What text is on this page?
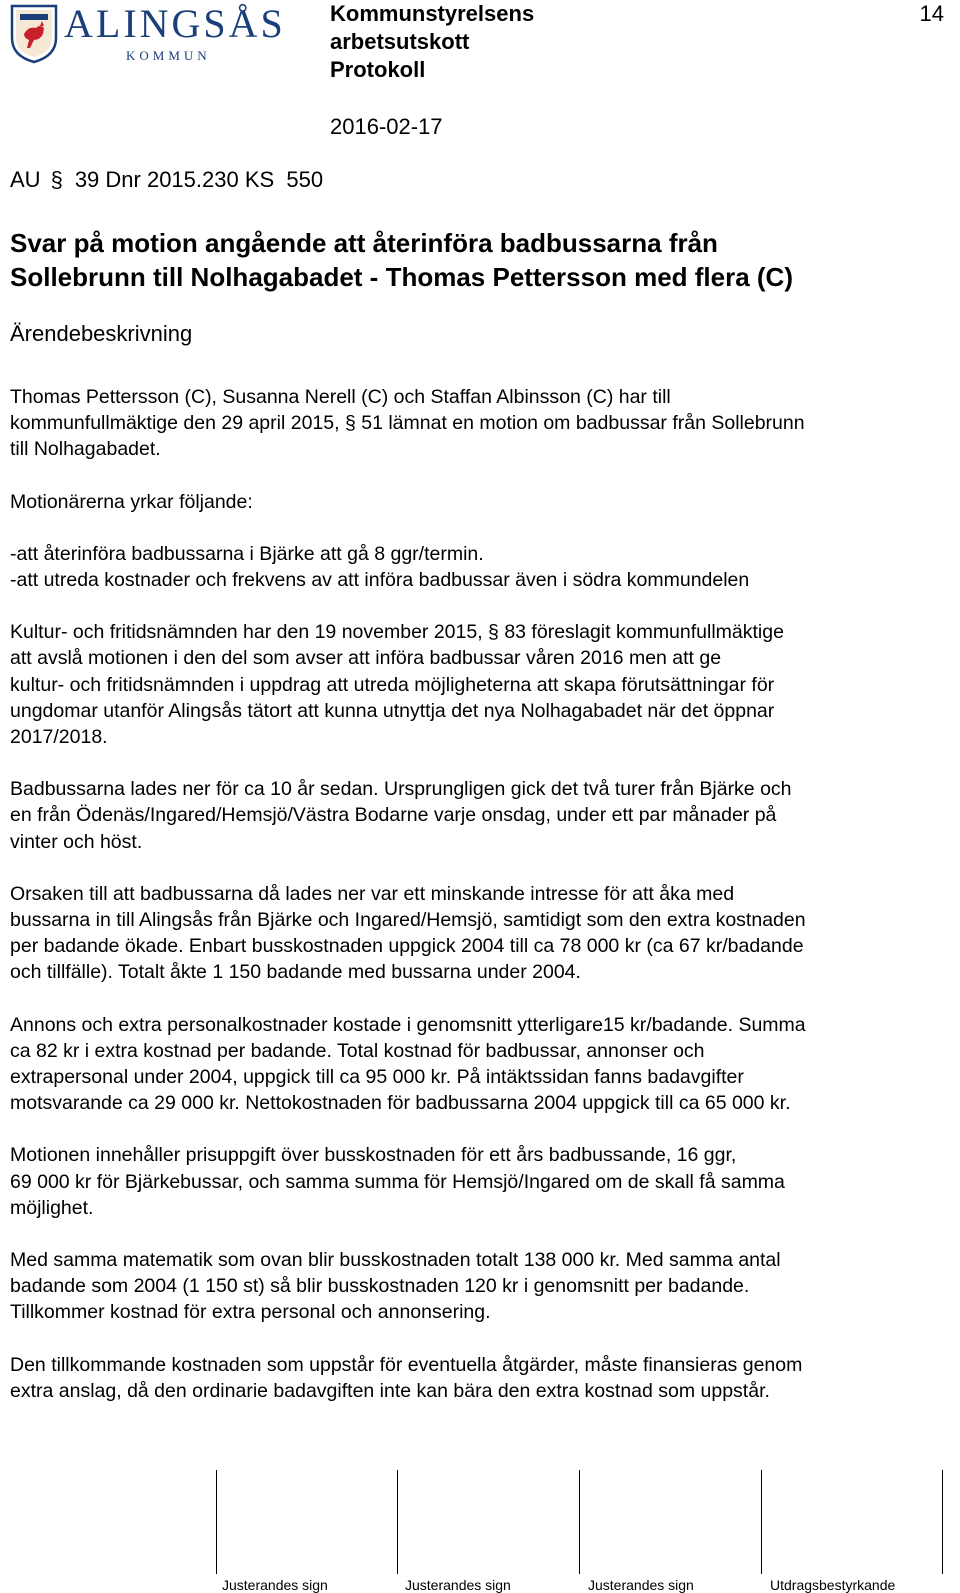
ALINGSÅS
KOMMUN
Kommunstyrelsens
arbetsutskott
Protokoll
2016-02-17
14
AU § 39 Dnr 2015.230 KS  550
Svar på motion angående att återinföra badbussarna från
Sollebrunn till Nolhagabadet - Thomas Pettersson med flera (C)
Ärendebeskrivning

Thomas Pettersson (C), Susanna Nerell (C) och Staffan Albinsson (C) har till

kommunfullmäktige den 29 april 2015, § 51 lämnat en motion om badbussar från Sollebrunn

till Nolhagabadet.

Motionärerna yrkar följande:

-att återinföra badbussarna i Bjärke att gå 8 ggr/termin.

-att utreda kostnader och frekvens av att införa badbussar även i södra kommundelen

Kultur- och fritidsnämnden har den 19 november 2015, § 83 föreslagit kommunfullmäktige

att avslå motionen i den del som avser att införa badbussar våren 2016 men att ge

kultur- och fritidsnämnden i uppdrag att utreda möjligheterna att skapa förutsättningar för

ungdomar utanför Alingsås tätort att kunna utnyttja det nya Nolhagabadet när det öppnar

2017/2018.

Badbussarna lades ner för ca 10 år sedan. Ursprungligen gick det två turer från Bjärke och

en från Ödenäs/Ingared/Hemsjö/Västra Bodarne varje onsdag, under ett par månader på

vinter och höst.

Orsaken till att badbussarna då lades ner var ett minskande intresse för att åka med

bussarna in till Alingsås från Bjärke och Ingared/Hemsjö, samtidigt som den extra kostnaden

per badande ökade. Enbart busskostnaden uppgick 2004 till ca 78 000 kr (ca 67 kr/badande

och tillfälle). Totalt åkte 1 150 badande med bussarna under 2004.

Annons och extra personalkostnader kostade i genomsnitt ytterligare15 kr/badande. Summa

ca 82 kr i extra kostnad per badande. Total kostnad för badbussar, annonser och

extrapersonal under 2004, uppgick till ca 95 000 kr. På intäktssidan fanns badavgifter

motsvarande ca 29 000 kr. Nettokostnaden för badbussarna 2004 uppgick till ca 65 000 kr.

Motionen innehåller prisuppgift över busskostnaden för ett års badbussande, 16 ggr,

69 000 kr för Bjärkebussar, och samma summa för Hemsjö/Ingared om de skall få samma

möjlighet.

Med samma matematik som ovan blir busskostnaden totalt 138 000 kr. Med samma antal

badande som 2004 (1 150 st) så blir busskostnaden 120 kr i genomsnitt per badande.

Tillkommer kostnad för extra personal och annonsering.

Den tillkommande kostnaden som uppstår för eventuella åtgärder, måste finansieras genom

extra anslag, då den ordinarie badavgiften inte kan bära den extra kostnad som uppstår.

Justerandes sign	Justerandes sign	Justerandes sign	Utdragsbestyrkande
